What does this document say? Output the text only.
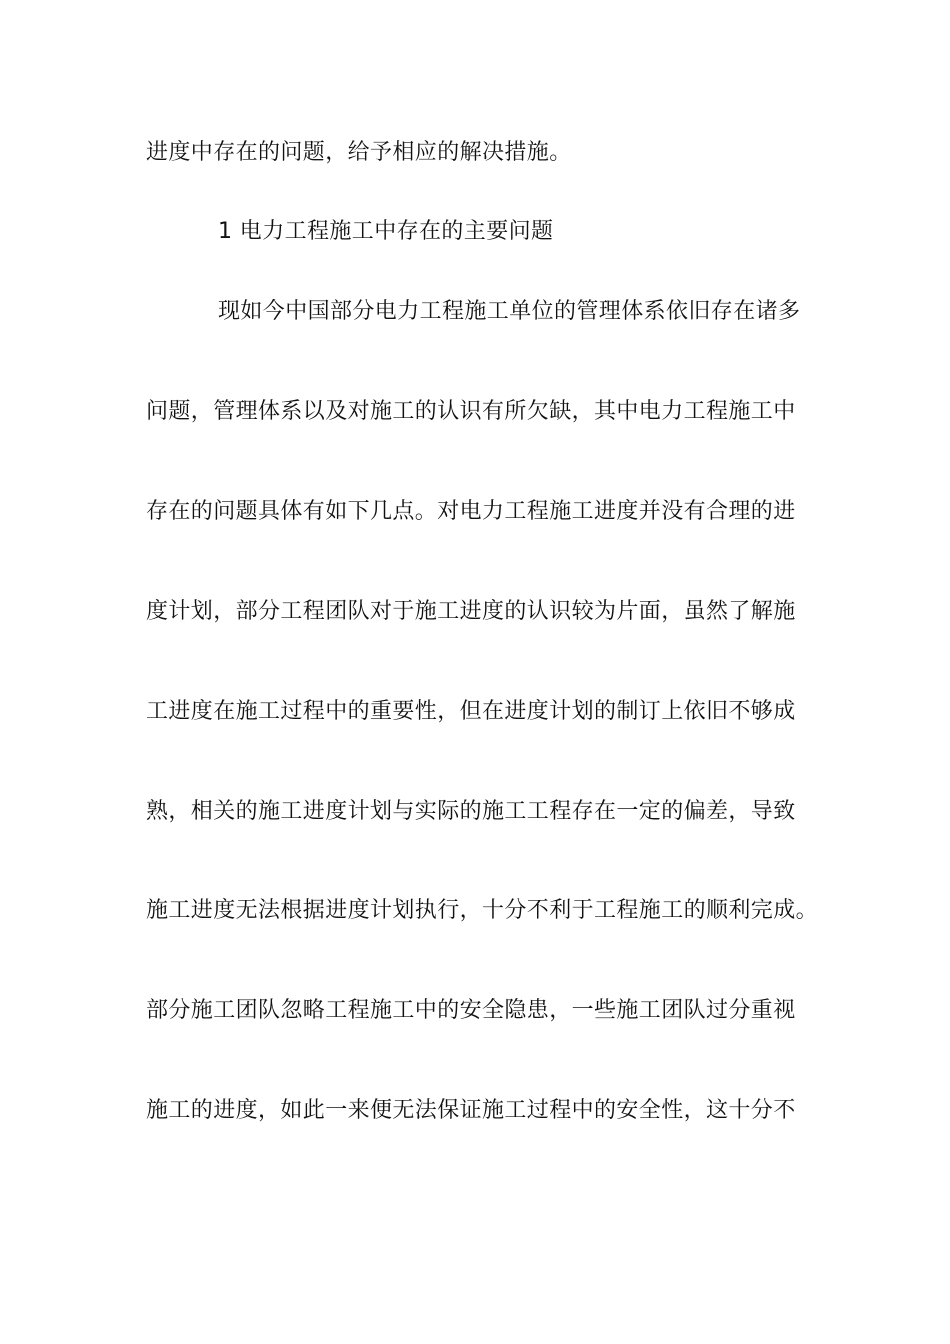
进度中存在的问题，给予相应的解决措施。

1 电力工程施工中存在的主要问题

现如今中国部分电力工程施工单位的管理体系依旧存在诸多

问题，管理体系以及对施工的认识有所欠缺，其中电力工程施工中

存在的问题具体有如下几点。对电力工程施工进度并没有合理的进

度计划，部分工程团队对于施工进度的认识较为片面，虽然了解施

工进度在施工过程中的重要性，但在进度计划的制订上依旧不够成

熟，相关的施工进度计划与实际的施工工程存在一定的偏差，导致

施工进度无法根据进度计划执行，十分不利于工程施工的顺利完成。

部分施工团队忽略工程施工中的安全隐患，一些施工团队过分重视

施工的进度，如此一来便无法保证施工过程中的安全性，这十分不
